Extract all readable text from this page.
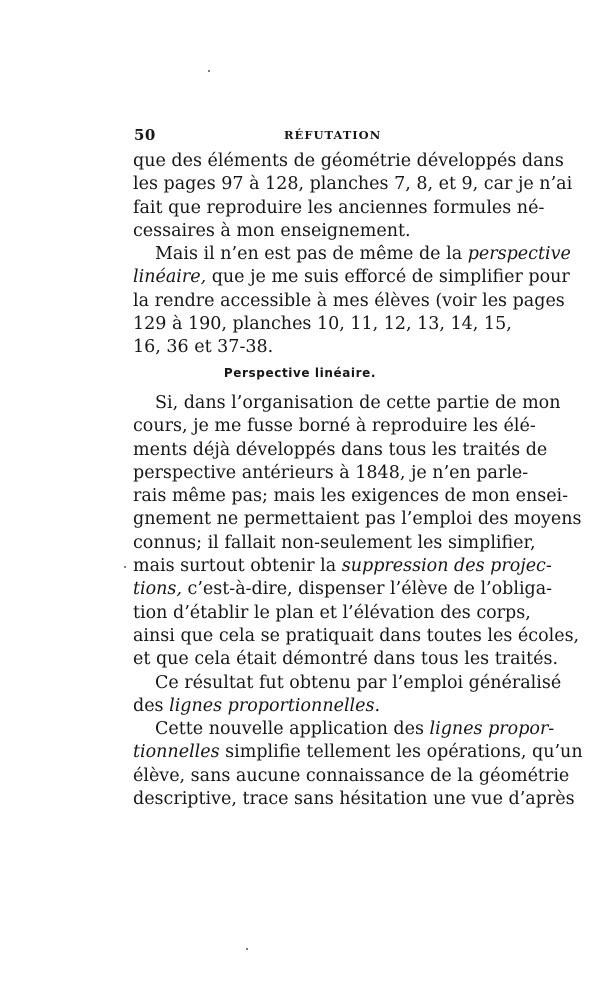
50	RÉFUTATION
que des éléments de géométrie développés dans
les pages 97 à 128, planches 7, 8, et 9, car je n’ai
fait que reproduire les anciennes formules né-
cessaires à mon enseignement.
Mais il n’en est pas de même de la perspective
linéaire, que je me suis efforcé de simplifier pour
la rendre accessible à mes élèves (voir les pages
129 à 190, planches 10, 11, 12, 13, 14, 15,
16, 36 et 37-38.
Perspective linéaire.
Si, dans l’organisation de cette partie de mon
cours, je me fusse borné à reproduire les élé-
ments déjà développés dans tous les traités de
perspective antérieurs à 1848, je n’en parle-
rais même pas; mais les exigences de mon ensei-
gnement ne permettaient pas l’emploi des moyens
connus; il fallait non-seulement les simplifier,
mais surtout obtenir la suppression des projec-
tions, c’est-à-dire, dispenser l’élève de l’obliga-
tion d’établir le plan et l’élévation des corps,
ainsi que cela se pratiquait dans toutes les écoles,
et que cela était démontré dans tous les traités.
Ce résultat fut obtenu par l’emploi généralisé
des lignes proportionnelles.
Cette nouvelle application des lignes propor-
tionnelles simplifie tellement les opérations, qu’un
élève, sans aucune connaissance de la géométrie
descriptive, trace sans hésitation une vue d’après
